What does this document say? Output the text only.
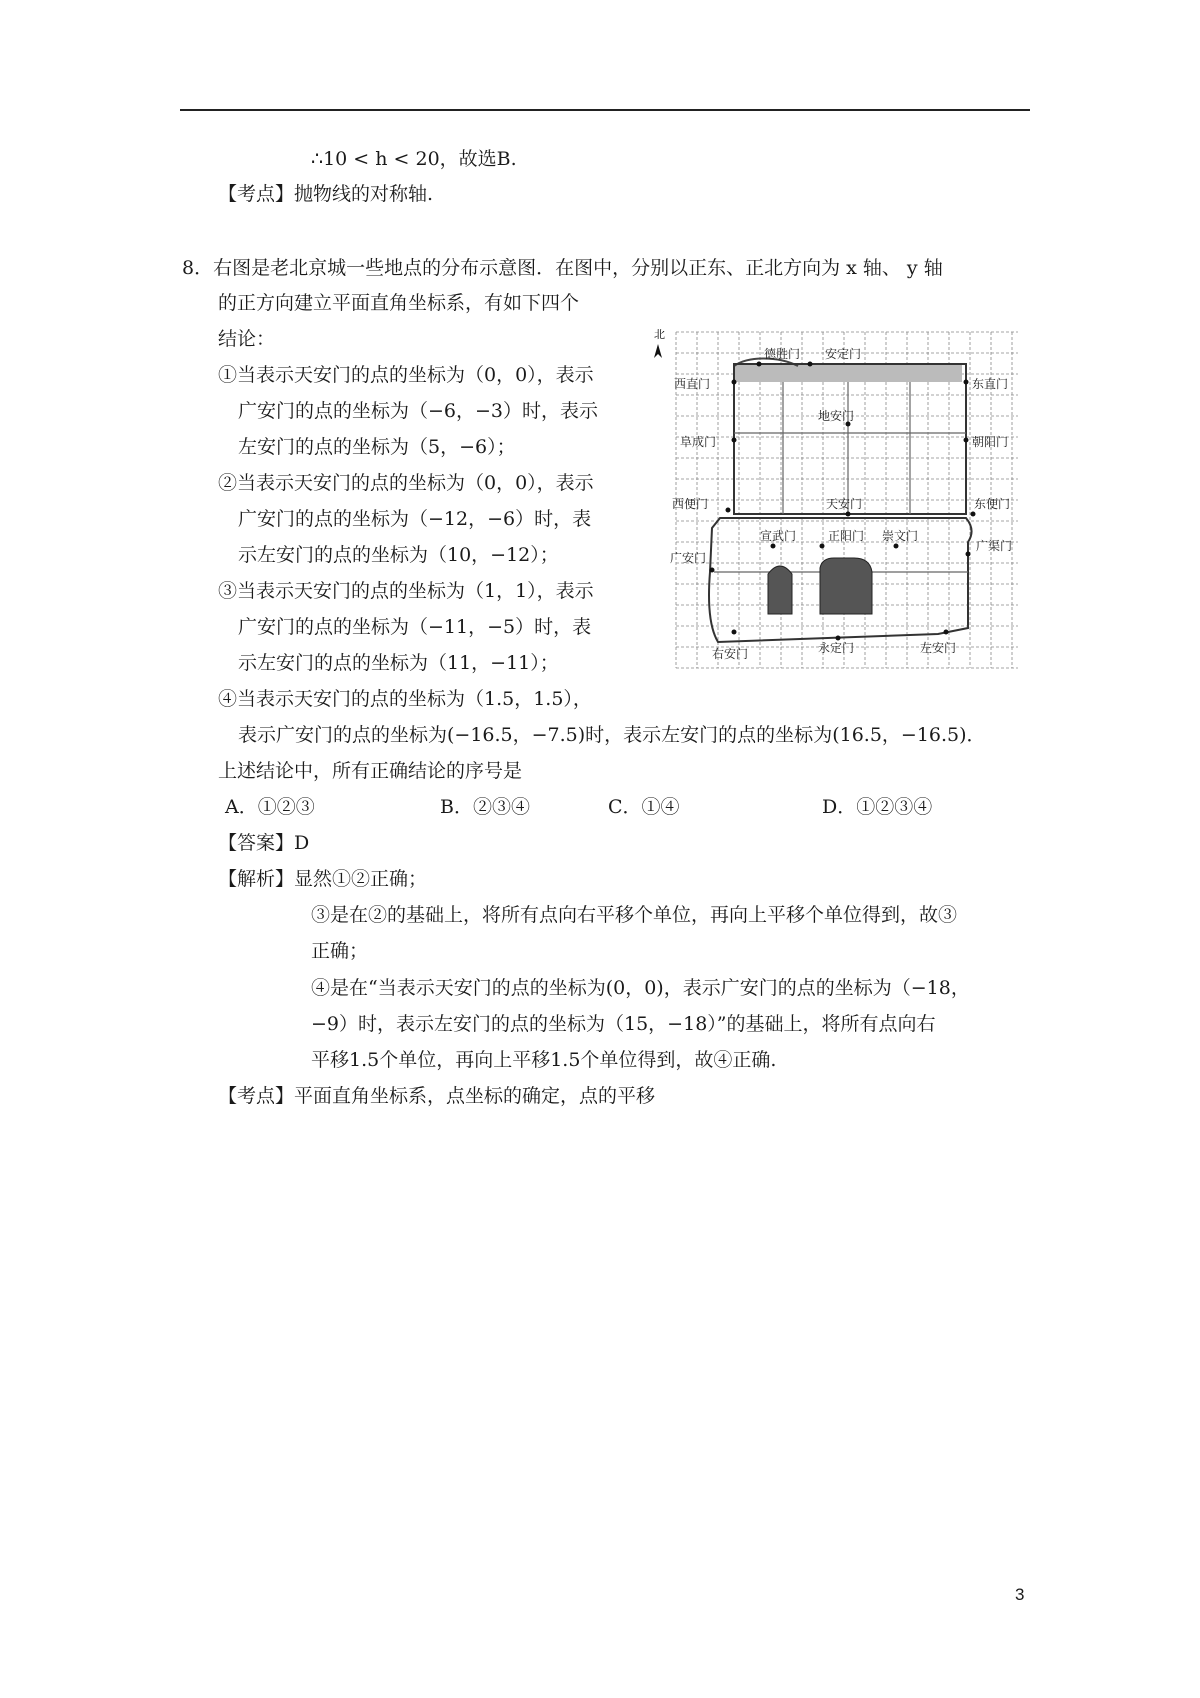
∴10 < h < 20，故选B.
【考点】抛物线的对称轴.
8．右图是老北京城一些地点的分布示意图．在图中，分别以正东、正北方向为 x 轴、 y 轴
的正方向建立平面直角坐标系，有如下四个
结论：
①当表示天安门的点的坐标为（0，0），表示
广安门的点的坐标为（−6，−3）时，表示
左安门的点的坐标为（5，−6）；
②当表示天安门的点的坐标为（0，0），表示
广安门的点的坐标为（−12，−6）时，表
示左安门的点的坐标为（10，−12）；
③当表示天安门的点的坐标为（1，1），表示
广安门的点的坐标为（−11，−5）时，表
示左安门的点的坐标为（11，−11）；
④当表示天安门的点的坐标为（1.5，1.5），
表示广安门的点的坐标为(−16.5，−7.5)时，表示左安门的点的坐标为(16.5，−16.5)．
上述结论中，所有正确结论的序号是
A．①②③	B．②③④	C．①④	D．①②③④
【答案】D
【解析】显然①②正确；
③是在②的基础上，将所有点向右平移个单位，再向上平移个单位得到，故③
正确；
④是在“当表示天安门的点的坐标为(0，0)，表示广安门的点的坐标为（−18，
−9）时，表示左安门的点的坐标为（15，−18）”的基础上，将所有点向右
平移1.5个单位，再向上平移1.5个单位得到，故④正确.
【考点】平面直角坐标系，点坐标的确定，点的平移
北
德胜门 安定门
西直门	东直门
阜成门	朝阳门
地安门
西便门	天安门	东便门
宣武门	正阳门 崇文门
广安门
广渠门
右安门	永定门	左安门
3
